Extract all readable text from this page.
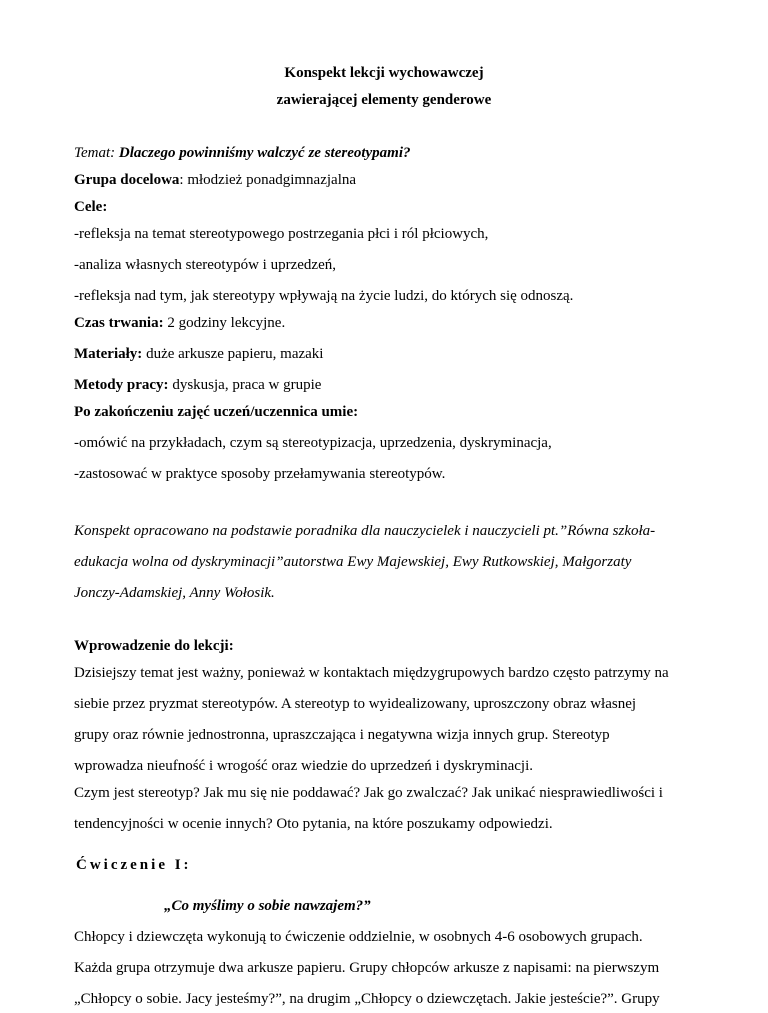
Konspekt lekcji wychowawczej

zawierającej elementy genderowe

Temat: Dlaczego powinniśmy walczyć ze stereotypami?

Grupa docelowa: młodzież ponadgimnazjalna

Cele:

-refleksja na temat stereotypowego postrzegania płci i ról płciowych,

-analiza własnych stereotypów i uprzedzeń,

-refleksja nad tym, jak stereotypy wpływają na życie ludzi, do których się odnoszą.

Czas trwania: 2 godziny lekcyjne.

Materiały: duże arkusze papieru, mazaki

Metody pracy: dyskusja, praca w grupie

Po zakończeniu zajęć uczeń/uczennica umie:

-omówić na przykładach, czym są stereotypizacja, uprzedzenia, dyskryminacja,

-zastosować w praktyce sposoby przełamywania stereotypów.

Konspekt opracowano na podstawie poradnika dla nauczycielek i nauczycieli pt.”Równa szkoła-

edukacja wolna od dyskryminacji”autorstwa Ewy Majewskiej, Ewy Rutkowskiej, Małgorzaty

Jonczy-Adamskiej, Anny Wołosik.

Wprowadzenie do lekcji:

Dzisiejszy temat jest ważny, ponieważ w kontaktach międzygrupowych bardzo często patrzymy na

siebie przez pryzmat stereotypów. A stereotyp to wyidealizowany, uproszczony obraz własnej

grupy oraz równie jednostronna, upraszczająca i negatywna wizja innych grup. Stereotyp

wprowadza nieufność i wrogość oraz wiedzie do uprzedzeń i dyskryminacji.

Czym jest stereotyp? Jak mu się nie poddawać? Jak go zwalczać? Jak unikać niesprawiedliwości i

tendencyjności w ocenie innych? Oto pytania, na które poszukamy odpowiedzi.

Ćwiczenie I:

„Co myślimy o sobie nawzajem?”

Chłopcy i dziewczęta wykonują to ćwiczenie oddzielnie, w osobnych 4-6 osobowych grupach.

Każda grupa otrzymuje dwa arkusze papieru. Grupy chłopców arkusze z napisami: na pierwszym

„Chłopcy o sobie. Jacy jesteśmy?”, na drugim „Chłopcy o dziewczętach. Jakie jesteście?”. Grupy
